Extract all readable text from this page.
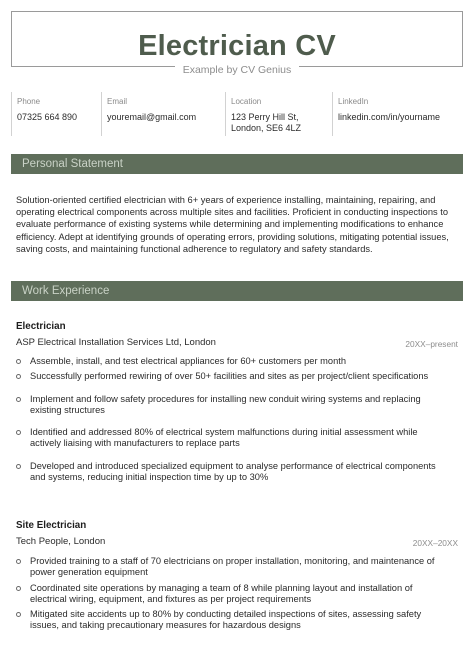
Electrician CV
Example by CV Genius
Phone
07325 664 890
Email
youremail@gmail.com
Location
123 Perry Hill St, London, SE6 4LZ
LinkedIn
linkedin.com/in/yourname
Personal Statement

Solution-oriented certified electrician with 6+ years of experience installing, maintaining, repairing, and operating electrical components across multiple sites and facilities. Proficient in conducting inspections to evaluate performance of existing systems while determining and implementing modifications to enhance efficiency. Adept at identifying grounds of operating errors, providing solutions, mitigating potential issues, saving costs, and maintaining functional adherence to regulatory and safety standards.

Work Experience
Electrician
ASP Electrical Installation Services Ltd, London	20XX–present
Assemble, install, and test electrical appliances for 60+ customers per month
Successfully performed rewiring of over 50+ facilities and sites as per project/client specifications
Implement and follow safety procedures for installing new conduit wiring systems and replacing existing structures
Identified and addressed 80% of electrical system malfunctions during initial assessment while actively liaising with manufacturers to replace parts
Developed and introduced specialized equipment to analyse performance of electrical components and systems, reducing initial inspection time by up to 30%
Site Electrician
Tech People, London	20XX–20XX
Provided training to a staff of 70 electricians on proper installation, monitoring, and maintenance of power generation equipment
Coordinated site operations by managing a team of 8 while planning layout and installation of electrical wiring, equipment, and fixtures as per project requirements
Mitigated site accidents up to 80% by conducting detailed inspections of sites, assessing safety issues, and taking precautionary measures for hazardous designs
